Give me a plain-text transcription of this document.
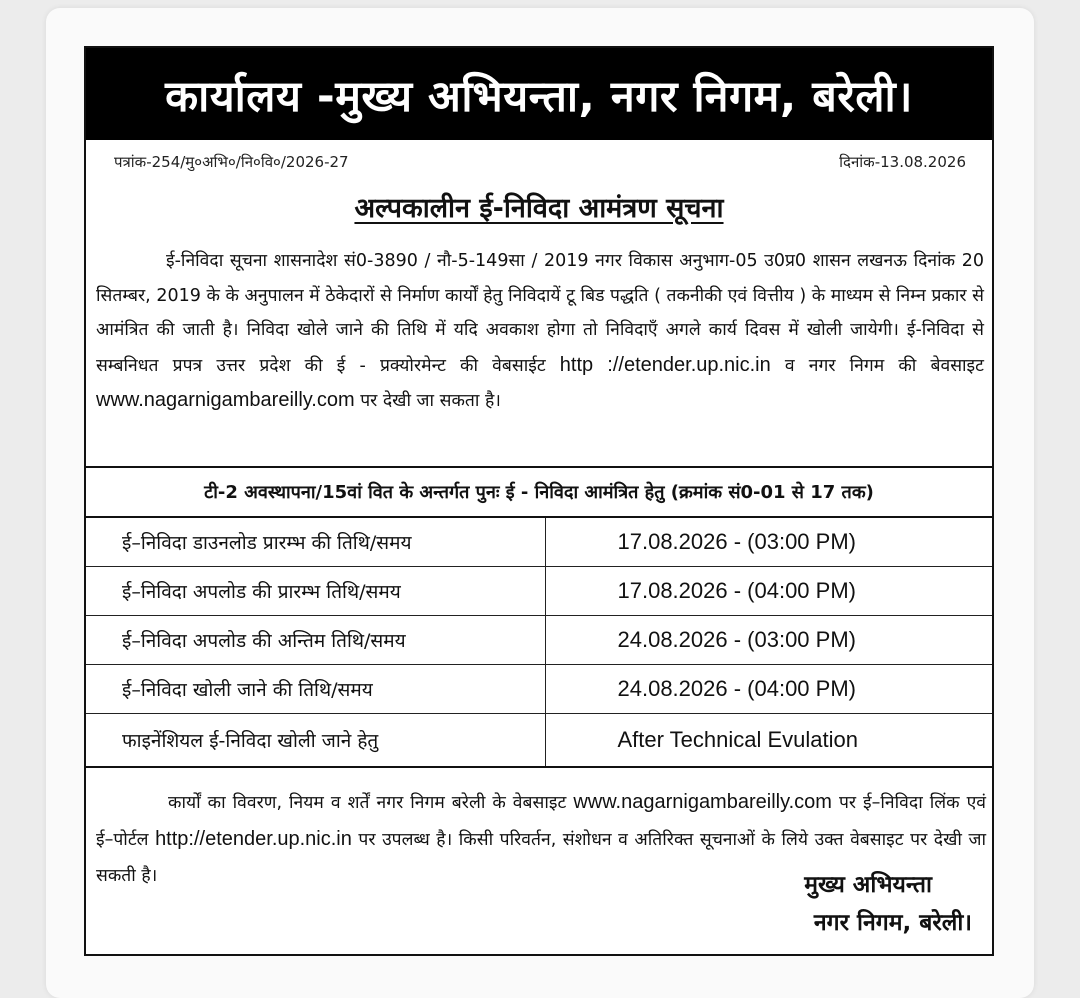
कार्यालय -मुख्य अभियन्ता, नगर निगम, बरेली।
पत्रांक-254/मु०अभि०/नि०वि०/2026-27	दिनांक-13.08.2026
अल्पकालीन ई-निविदा आमंत्रण सूचना
ई-निविदा सूचना शासनादेश सं0-3890 / नौ-5-149सा / 2019 नगर विकास अनुभाग-05 उ0प्र0 शासन लखनऊ दिनांक 20 सितम्बर, 2019 के के अनुपालन में ठेकेदारों से निर्माण कार्यों हेतु निविदायें टू बिड पद्धति ( तकनीकी एवं वित्तीय ) के माध्यम से निम्न प्रकार से आमंत्रित की जाती है। निविदा खोले जाने की तिथि में यदि अवकाश होगा तो निविदाएँ अगले कार्य दिवस में खोली जायेगी। ई-निविदा से सम्बनिधत प्रपत्र उत्तर प्रदेश की ई - प्रक्योरमेन्ट की वेबसाईट http ://etender.up.nic.in व नगर निगम की बेवसाइट www.nagarnigambareilly.com पर देखी जा सकता है।
टी-2 अवस्थापना/15वां वित के अन्तर्गत पुनः ई - निविदा आमंत्रित हेतु (क्रमांक सं0-01 से 17 तक)
ई–निविदा डाउनलोड प्रारम्भ की तिथि/समय	17.08.2026 - (03:00 PM)
ई–निविदा अपलोड की प्रारम्भ तिथि/समय	17.08.2026 - (04:00 PM)
ई–निविदा अपलोड की अन्तिम तिथि/समय	24.08.2026 - (03:00 PM)
ई–निविदा खोली जाने की तिथि/समय	24.08.2026 - (04:00 PM)
फाइनेंशियल ई-निविदा खोली जाने हेतु	After Technical Evulation
कार्यों का विवरण, नियम व शर्तें नगर निगम बरेली के वेबसाइट www.nagarnigambareilly.com पर ई–निविदा लिंक एवं ई–पोर्टल http://etender.up.nic.in पर उपलब्ध है। किसी परिवर्तन, संशोधन व अतिरिक्त सूचनाओं के लिये उक्त वेबसाइट पर देखी जा सकती है।	मुख्य अभियन्ता
नगर निगम, बरेली।
